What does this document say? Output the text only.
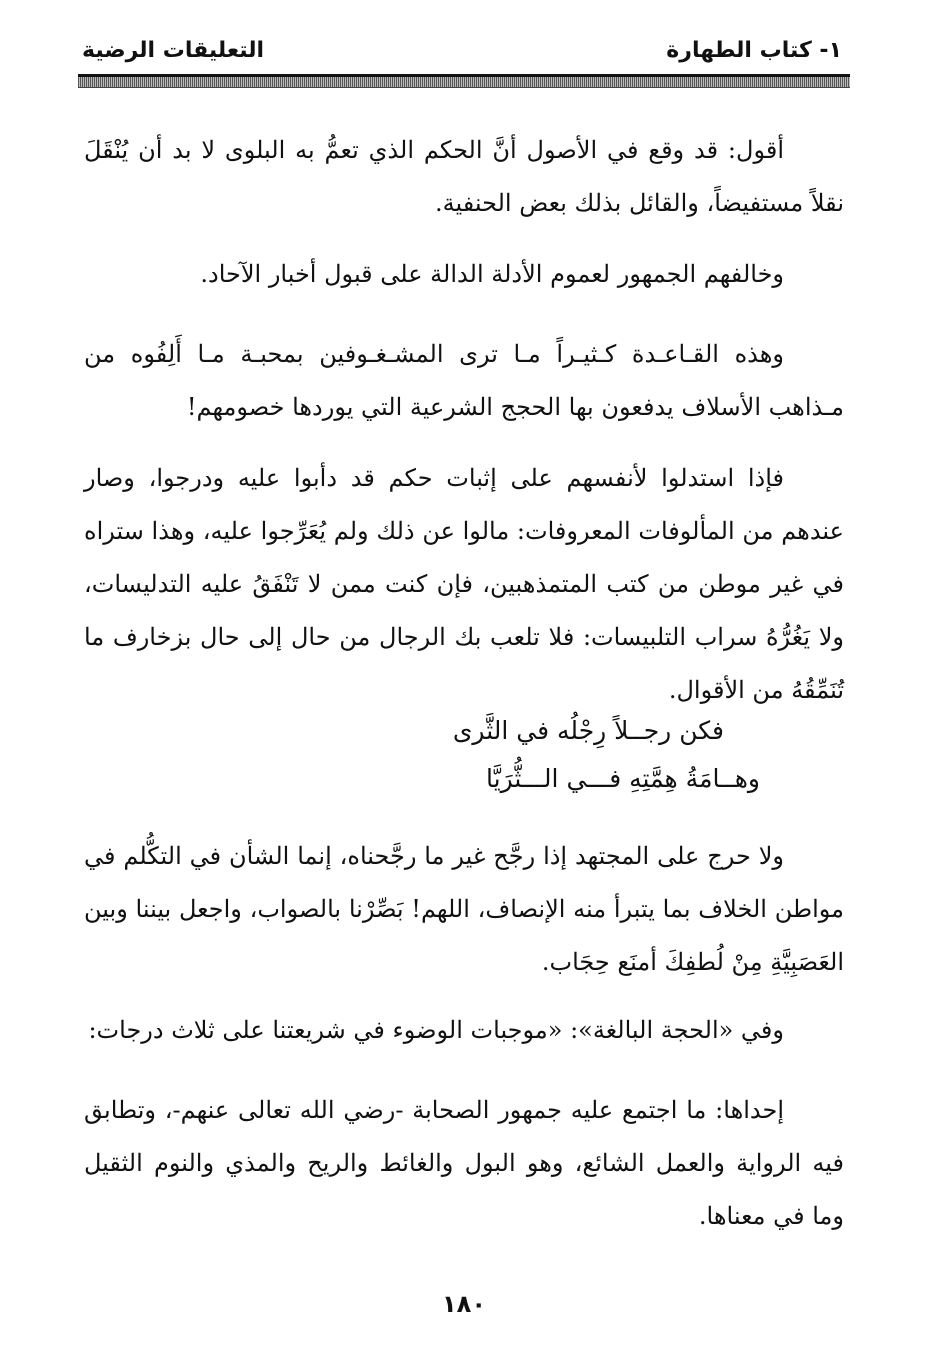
١- كتاب الطهارة
التعليقات الرضية

أقول: قد وقع في الأصول أنَّ الحكم الذي تعمُّ به البلوى لا بد أن يُنْقَلَ نقلاً مستفيضاً، والقائل بذلك بعض الحنفية.

وخالفهم الجمهور لعموم الأدلة الدالة على قبول أخبار الآحاد.

وهذه القـاعـدة كـثيـراً مـا ترى المشـغـوفين بمحبـة مـا أَلِفُوه من مـذاهب الأسلاف يدفعون بها الحجج الشرعية التي يوردها خصومهم!

فإذا استدلوا لأنفسهم على إثبات حكم قد دأبوا عليه ودرجوا، وصار عندهم من المألوفات المعروفات: مالوا عن ذلك ولم يُعَرِّجوا عليه، وهذا ستراه في غير موطن من كتب المتمذهبين، فإن كنت ممن لا تَنْفَقُ عليه التدليسات، ولا يَغُرُّهُ سراب التلبيسات: فلا تلعب بك الرجال من حال إلى حال بزخارف ما تُنَمِّقُهُ من الأقوال.

فكن رجــلاً رِجْلُه في الثَّرى
وهــامَةُ هِمَّتِهِ فـــي الـــثُّرَيَّا

ولا حرج على المجتهد إذا رجَّح غير ما رجَّحناه، إنما الشأن في التكُّلم في مواطن الخلاف بما يتبرأ منه الإنصاف، اللهم! بَصِّرْنا بالصواب، واجعل بيننا وبين العَصَبِيَّةِ مِنْ لُطفِكَ أمنَع حِجَاب.

وفي «الحجة البالغة»: «موجبات الوضوء في شريعتنا على ثلاث درجات:

إحداها: ما اجتمع عليه جمهور الصحابة -رضي الله تعالى عنهم-، وتطابق فيه الرواية والعمل الشائع، وهو البول والغائط والريح والمذي والنوم الثقيل وما في معناها.

١٨٠
